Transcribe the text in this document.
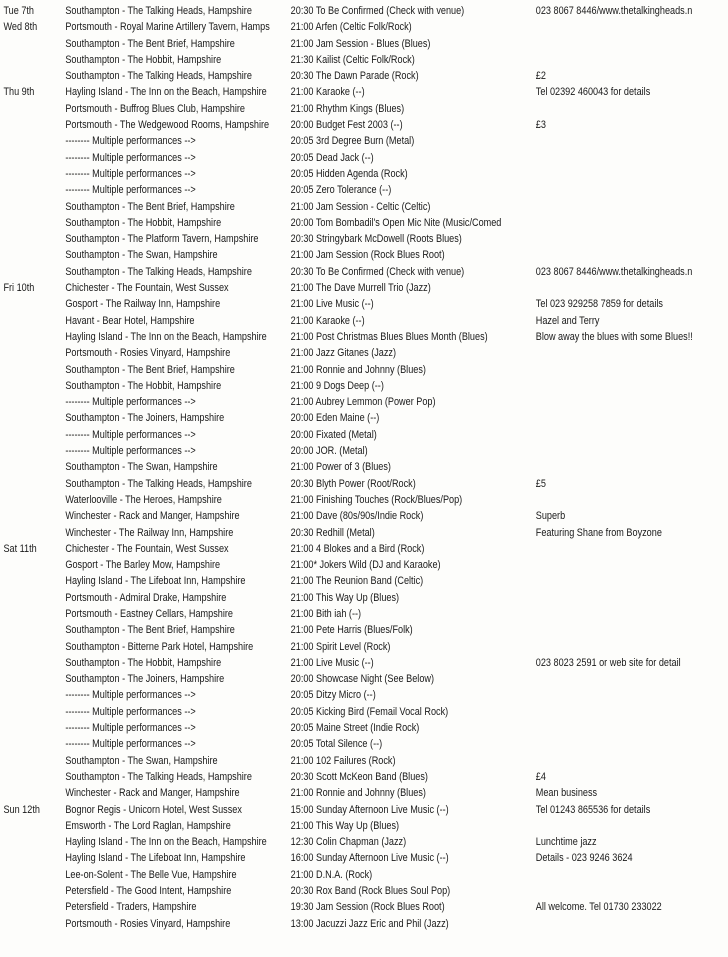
Tue 7th	Southampton - The Talking Heads, Hampshire	20:30 To Be Confirmed (Check with venue)	023 8067 8446/www.thetalkingheads.n
Wed 8th	Portsmouth - Royal Marine Artillery Tavern, Hamps	21:00 Arfen (Celtic Folk/Rock)
Southampton - The Bent Brief, Hampshire	21:00 Jam Session - Blues (Blues)
Southampton - The Hobbit, Hampshire	21:30 Kailist (Celtic Folk/Rock)
Southampton - The Talking Heads, Hampshire	20:30 The Dawn Parade (Rock)	£2
Thu 9th	Hayling Island - The Inn on the Beach, Hampshire	21:00 Karaoke (--)	Tel 02392 460043 for details
Portsmouth - Buffrog Blues Club, Hampshire	21:00 Rhythm Kings (Blues)
Portsmouth - The Wedgewood Rooms, Hampshire	20:00 Budget Fest 2003 (--)	£3
-------- Multiple performances -->	20:05 3rd Degree Burn (Metal)
-------- Multiple performances -->	20:05 Dead Jack (--)
-------- Multiple performances -->	20:05 Hidden Agenda (Rock)
-------- Multiple performances -->	20:05 Zero Tolerance (--)
Southampton - The Bent Brief, Hampshire	21:00 Jam Session - Celtic (Celtic)
Southampton - The Hobbit, Hampshire	20:00 Tom Bombadil's Open Mic Nite (Music/Comed
Southampton - The Platform Tavern, Hampshire	20:30 Stringybark McDowell (Roots Blues)
Southampton - The Swan, Hampshire	21:00 Jam Session (Rock Blues Root)
Southampton - The Talking Heads, Hampshire	20:30 To Be Confirmed (Check with venue)	023 8067 8446/www.thetalkingheads.n
Fri 10th	Chichester - The Fountain, West Sussex	21:00 The Dave Murrell Trio (Jazz)
Gosport - The Railway Inn, Hampshire	21:00 Live Music (--)	Tel 023 929258 7859 for details
Havant - Bear Hotel, Hampshire	21:00 Karaoke (--)	Hazel and Terry
Hayling Island - The Inn on the Beach, Hampshire	21:00 Post Christmas Blues Blues Month (Blues)	Blow away the blues with some Blues!!
Portsmouth - Rosies Vinyard, Hampshire	21:00 Jazz Gitanes (Jazz)
Southampton - The Bent Brief, Hampshire	21:00 Ronnie and Johnny (Blues)
Southampton - The Hobbit, Hampshire	21:00 9 Dogs Deep (--)
-------- Multiple performances -->	21:00 Aubrey Lemmon (Power Pop)
Southampton - The Joiners, Hampshire	20:00 Eden Maine (--)
-------- Multiple performances -->	20:00 Fixated (Metal)
-------- Multiple performances -->	20:00 JOR. (Metal)
Southampton - The Swan, Hampshire	21:00 Power of 3 (Blues)
Southampton - The Talking Heads, Hampshire	20:30 Blyth Power (Root/Rock)	£5
Waterlooville - The Heroes, Hampshire	21:00 Finishing Touches (Rock/Blues/Pop)
Winchester - Rack and Manger, Hampshire	21:00 Dave (80s/90s/Indie Rock)	Superb
Winchester - The Railway Inn, Hampshire	20:30 Redhill (Metal)	Featuring Shane from Boyzone
Sat 11th	Chichester - The Fountain, West Sussex	21:00 4 Blokes and a Bird (Rock)
Gosport - The Barley Mow, Hampshire	21:00* Jokers Wild (DJ and Karaoke)
Hayling Island - The Lifeboat Inn, Hampshire	21:00 The Reunion Band (Celtic)
Portsmouth - Admiral Drake, Hampshire	21:00 This Way Up (Blues)
Portsmouth - Eastney Cellars, Hampshire	21:00 Bith iah (--)
Southampton - The Bent Brief, Hampshire	21:00 Pete Harris (Blues/Folk)
Southampton - Bitterne Park Hotel, Hampshire	21:00 Spirit Level (Rock)
Southampton - The Hobbit, Hampshire	21:00 Live Music (--)	023 8023 2591 or web site for detail
Southampton - The Joiners, Hampshire	20:00 Showcase Night (See Below)
-------- Multiple performances -->	20:05 Ditzy Micro (--)
-------- Multiple performances -->	20:05 Kicking Bird (Femail Vocal Rock)
-------- Multiple performances -->	20:05 Maine Street (Indie Rock)
-------- Multiple performances -->	20:05 Total Silence (--)
Southampton - The Swan, Hampshire	21:00 102 Failures (Rock)
Southampton - The Talking Heads, Hampshire	20:30 Scott McKeon Band (Blues)	£4
Winchester - Rack and Manger, Hampshire	21:00 Ronnie and Johnny (Blues)	Mean business
Sun 12th	Bognor Regis - Unicorn Hotel, West Sussex	15:00 Sunday Afternoon Live Music (--)	Tel 01243 865536 for details
Emsworth - The Lord Raglan, Hampshire	21:00 This Way Up (Blues)
Hayling Island - The Inn on the Beach, Hampshire	12:30 Colin Chapman (Jazz)	Lunchtime jazz
Hayling Island - The Lifeboat Inn, Hampshire	16:00 Sunday Afternoon Live Music (--)	Details - 023 9246 3624
Lee-on-Solent - The Belle Vue, Hampshire	21:00 D.N.A. (Rock)
Petersfield - The Good Intent, Hampshire	20:30 Rox Band (Rock Blues Soul Pop)
Petersfield - Traders, Hampshire	19:30 Jam Session (Rock Blues Root)	All welcome. Tel 01730 233022
Portsmouth - Rosies Vinyard, Hampshire	13:00 Jacuzzi Jazz Eric and Phil (Jazz)
